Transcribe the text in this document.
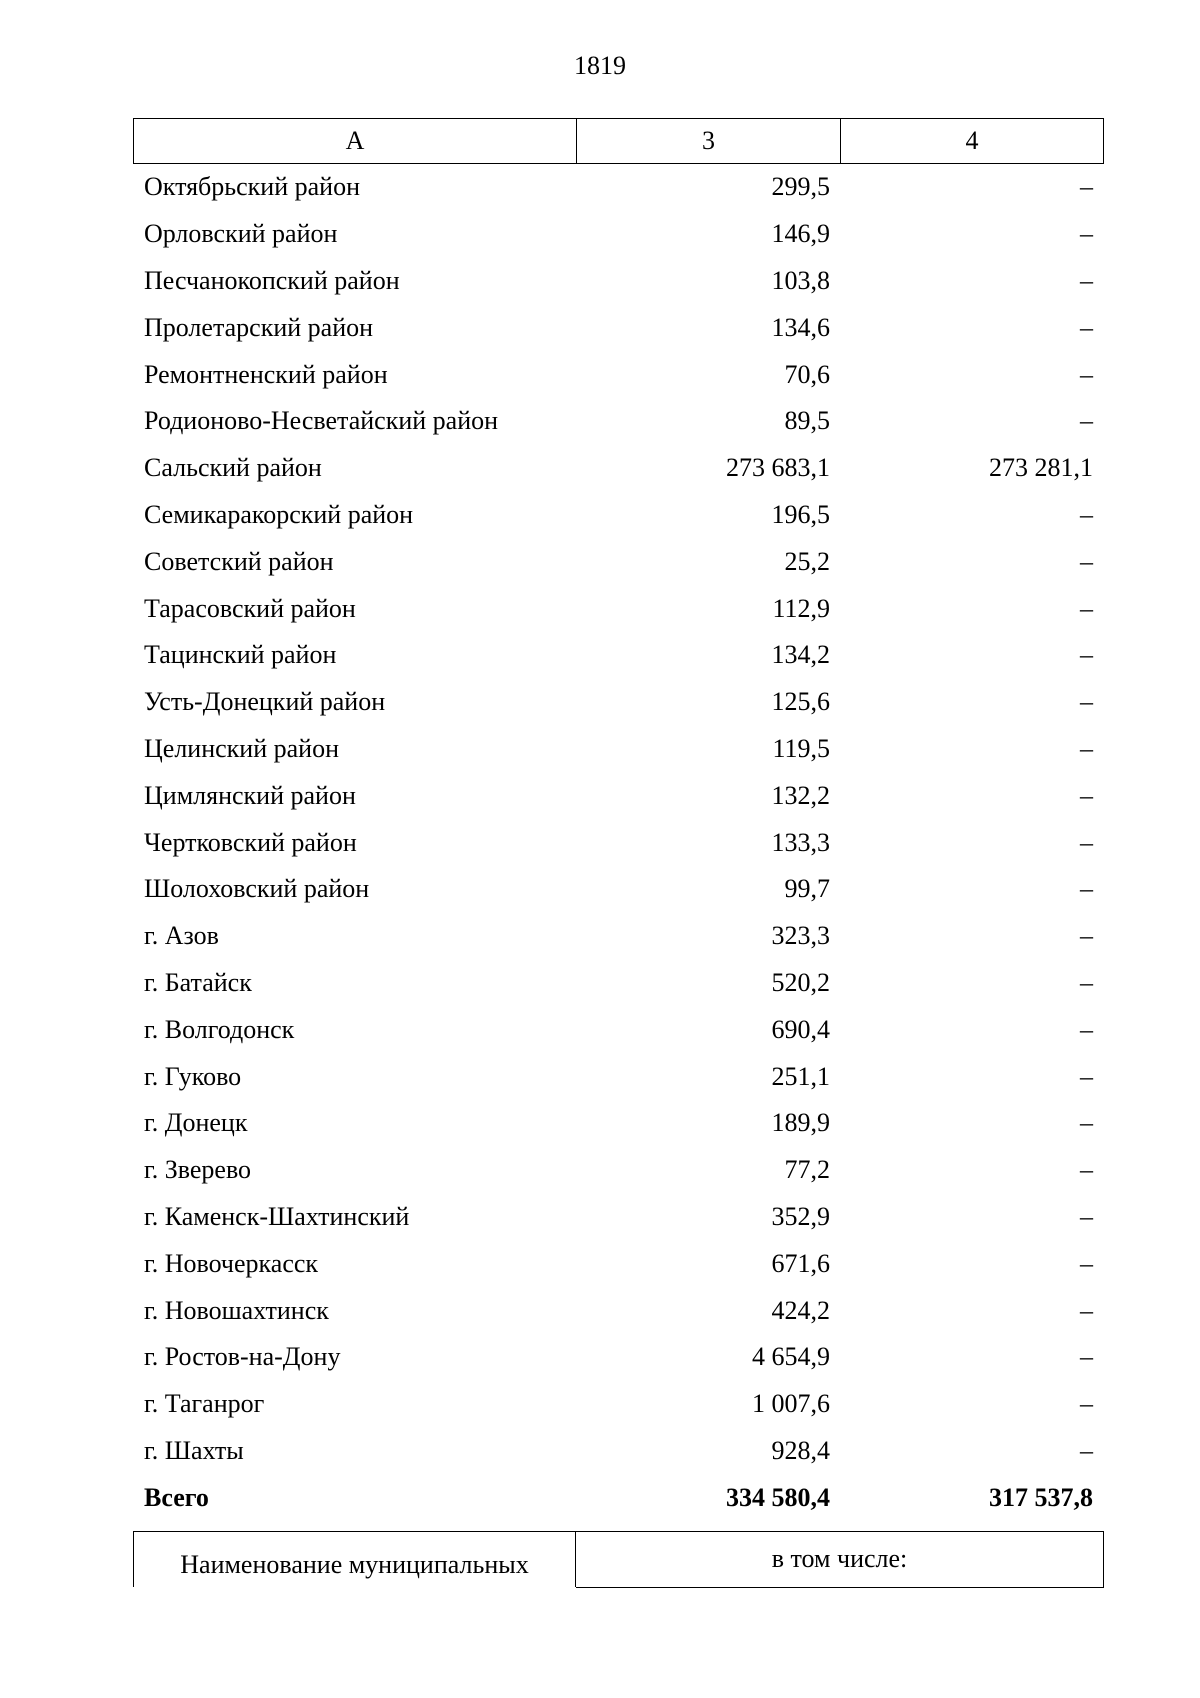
1819
А	3	4
Октябрьский район	299,5	–
Орловский район	146,9	–
Песчанокопский район	103,8	–
Пролетарский район	134,6	–
Ремонтненский район	70,6	–
Родионово-Несветайский район	89,5	–
Сальский район	273 683,1	273 281,1
Семикаракорский район	196,5	–
Советский район	25,2	–
Тарасовский район	112,9	–
Тацинский район	134,2	–
Усть-Донецкий район	125,6	–
Целинский район	119,5	–
Цимлянский район	132,2	–
Чертковский район	133,3	–
Шолоховский район	99,7	–
г. Азов	323,3	–
г. Батайск	520,2	–
г. Волгодонск	690,4	–
г. Гуково	251,1	–
г. Донецк	189,9	–
г. Зверево	77,2	–
г. Каменск-Шахтинский	352,9	–
г. Новочеркасск	671,6	–
г. Новошахтинск	424,2	–
г. Ростов-на-Дону	4 654,9	–
г. Таганрог	1 007,6	–
г. Шахты	928,4	–
Всего	334 580,4	317 537,8
Наименование муниципальных	в том числе:
